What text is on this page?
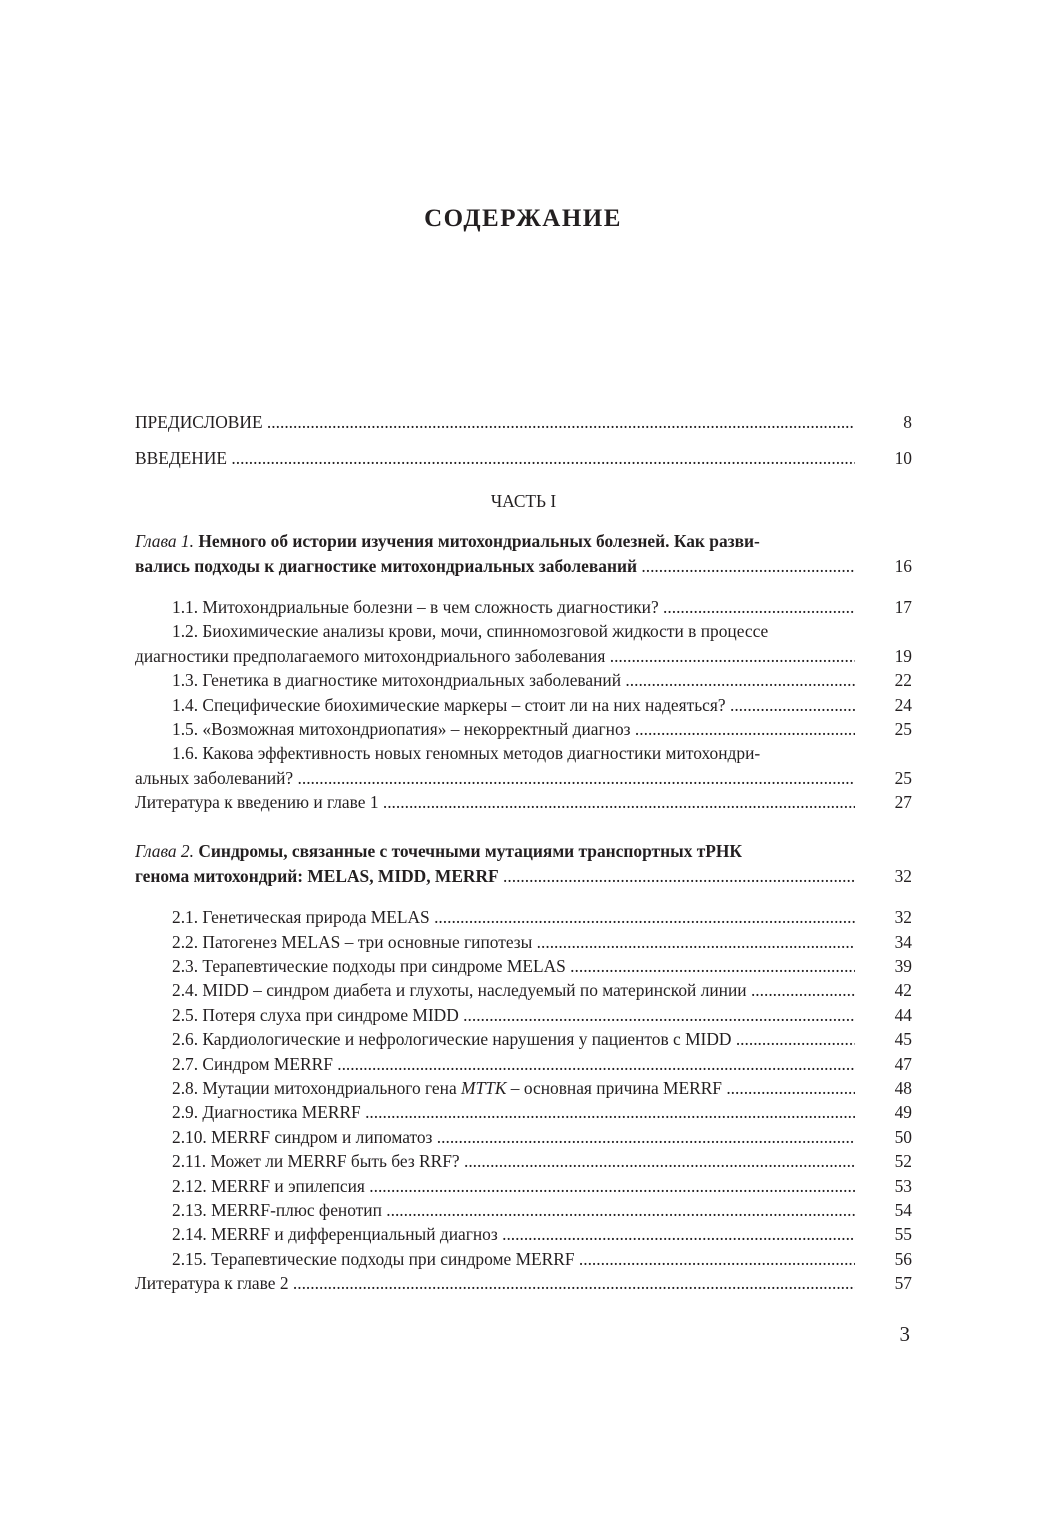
СОДЕРЖАНИЕ
ПРЕДИСЛОВИЕ .....	8
ВВЕДЕНИЕ .....	10
ЧАСТЬ I
Глава 1. Немного об истории изучения митохондриальных болезней. Как разви-
вались подходы к диагностике митохондриальных заболеваний .....	16
1.1. Митохондриальные болезни – в чем сложность диагностики? .....	17
1.2. Биохимические анализы крови, мочи, спинномозговой жидкости в процессе
диагностики предполагаемого митохондриального заболевания .....	19
1.3. Генетика в диагностике митохондриальных заболеваний .....	22
1.4. Специфические биохимические маркеры – стоит ли на них надеяться? .....	24
1.5. «Возможная митохондриопатия» – некорректный диагноз .....	25
1.6. Какова эффективность новых геномных методов диагностики митохондри-
альных заболеваний? .....	25
Литература к введению и главе 1 .....	27
Глава 2. Синдромы, связанные с точечными мутациями транспортных тРНК
генома митохондрий: MELAS, MIDD, MERRF .....	32
2.1. Генетическая природа MELAS .....	32
2.2. Патогенез MELAS – три основные гипотезы .....	34
2.3. Терапевтические подходы при синдроме MELAS .....	39
2.4. MIDD – синдром диабета и глухоты, наследуемый по материнской линии .....	42
2.5. Потеря слуха при синдроме MIDD .....	44
2.6. Кардиологические и нефрологические нарушения у пациентов с MIDD .....	45
2.7. Синдром MERRF .....	47
2.8. Мутации митохондриального гена MTTK – основная причина MERRF .....	48
2.9. Диагностика MERRF .....	49
2.10. MERRF синдром и липоматоз .....	50
2.11. Может ли MERRF быть без RRF? .....	52
2.12. MERRF и эпилепсия .....	53
2.13. MERRF-плюс фенотип .....	54
2.14. MERRF и дифференциальный диагноз .....	55
2.15. Терапевтические подходы при синдроме MERRF .....	56
Литература к главе 2 .....	57
3
